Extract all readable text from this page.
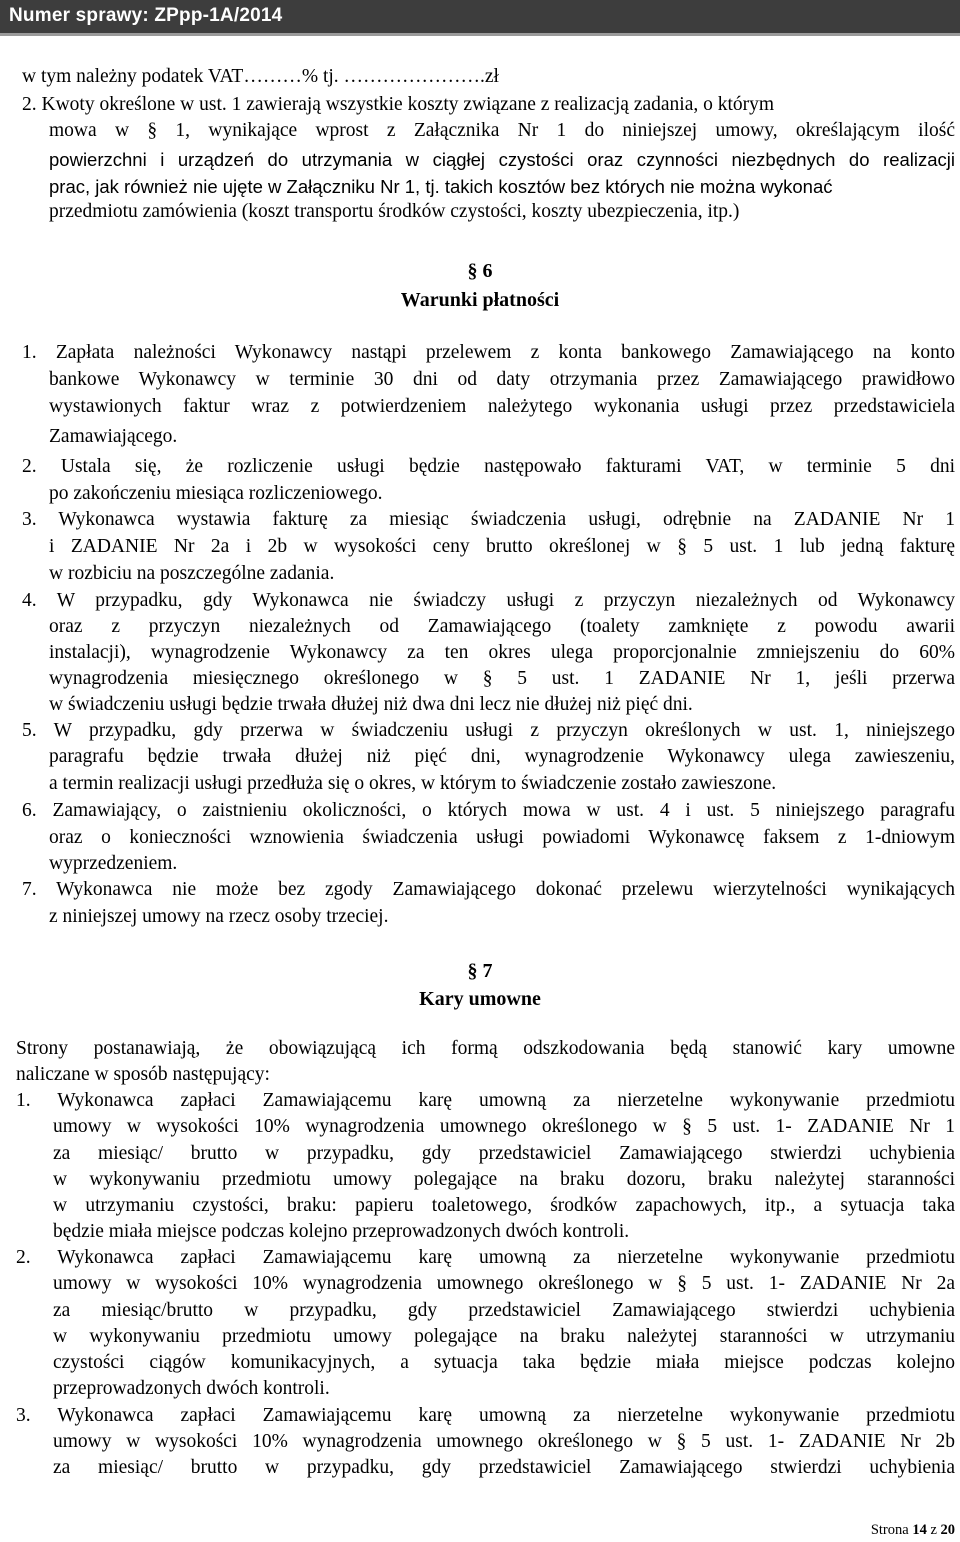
Numer sprawy: ZPpp-1A/2014
w tym należny podatek VAT………% tj. ………………….zł
2. Kwoty określone w ust. 1 zawierają wszystkie koszty związane z realizacją zadania, o którym
mowa w § 1, wynikające wprost z Załącznika Nr 1 do niniejszej umowy, określającym ilość
powierzchni i urządzeń do utrzymania w ciągłej czystości oraz czynności niezbędnych do realizacji
prac, jak również nie ujęte w Załączniku Nr 1, tj. takich kosztów bez których nie można wykonać
przedmiotu zamówienia (koszt transportu środków czystości, koszty ubezpieczenia, itp.)
§ 6
Warunki płatności
1. Zapłata należności Wykonawcy nastąpi przelewem z konta bankowego Zamawiającego na konto
bankowe Wykonawcy w terminie 30 dni od daty otrzymania przez Zamawiającego prawidłowo
wystawionych faktur wraz z potwierdzeniem należytego wykonania usługi przez przedstawiciela
Zamawiającego.
2. Ustala się, że rozliczenie usługi będzie następowało fakturami VAT, w terminie 5 dni
po zakończeniu miesiąca rozliczeniowego.
3. Wykonawca wystawia fakturę za miesiąc świadczenia usługi, odrębnie na ZADANIE Nr 1
i ZADANIE Nr 2a i 2b w wysokości ceny brutto określonej w § 5 ust. 1 lub jedną fakturę
w rozbiciu na poszczególne zadania.
4. W przypadku, gdy Wykonawca nie świadczy usługi z przyczyn niezależnych od Wykonawcy
oraz z przyczyn niezależnych od Zamawiającego (toalety zamknięte z powodu awarii
instalacji), wynagrodzenie Wykonawcy za ten okres ulega proporcjonalnie zmniejszeniu do 60%
wynagrodzenia miesięcznego określonego w § 5 ust. 1 ZADANIE Nr 1, jeśli przerwa
w świadczeniu usługi będzie trwała dłużej niż dwa dni lecz nie dłużej niż pięć dni.
5. W przypadku, gdy przerwa w świadczeniu usługi z przyczyn określonych w ust. 1, niniejszego
paragrafu będzie trwała dłużej niż pięć dni, wynagrodzenie Wykonawcy ulega zawieszeniu,
a termin realizacji usługi przedłuża się o okres, w którym to świadczenie zostało zawieszone.
6. Zamawiający, o zaistnieniu okoliczności, o których mowa w ust. 4 i ust. 5 niniejszego paragrafu
oraz o konieczności wznowienia świadczenia usługi powiadomi Wykonawcę faksem z 1-dniowym
wyprzedzeniem.
7. Wykonawca nie może bez zgody Zamawiającego dokonać przelewu wierzytelności wynikających
z niniejszej umowy na rzecz osoby trzeciej.
§ 7
Kary umowne
Strony postanawiają, że obowiązującą ich formą odszkodowania będą stanowić kary umowne
naliczane w sposób następujący:
1. Wykonawca zapłaci Zamawiającemu karę umowną za nierzetelne wykonywanie przedmiotu
umowy w wysokości 10% wynagrodzenia umownego określonego w § 5 ust. 1- ZADANIE Nr 1
za miesiąc/ brutto w przypadku, gdy przedstawiciel Zamawiającego stwierdzi uchybienia
w wykonywaniu przedmiotu umowy polegające na braku dozoru, braku należytej staranności
w utrzymaniu czystości, braku: papieru toaletowego, środków zapachowych, itp., a sytuacja taka
będzie miała miejsce podczas kolejno przeprowadzonych dwóch kontroli.
2. Wykonawca zapłaci Zamawiającemu karę umowną za nierzetelne wykonywanie przedmiotu
umowy w wysokości 10% wynagrodzenia umownego określonego w § 5 ust. 1- ZADANIE Nr 2a
za miesiąc/brutto w przypadku, gdy przedstawiciel Zamawiającego stwierdzi uchybienia
w wykonywaniu przedmiotu umowy polegające na braku należytej staranności w utrzymaniu
czystości ciągów komunikacyjnych, a sytuacja taka będzie miała miejsce podczas kolejno
przeprowadzonych dwóch kontroli.
3. Wykonawca zapłaci Zamawiającemu karę umowną za nierzetelne wykonywanie przedmiotu
umowy w wysokości 10% wynagrodzenia umownego określonego w § 5 ust. 1- ZADANIE Nr 2b
za miesiąc/ brutto w przypadku, gdy przedstawiciel Zamawiającego stwierdzi uchybienia
Strona 14 z 20
